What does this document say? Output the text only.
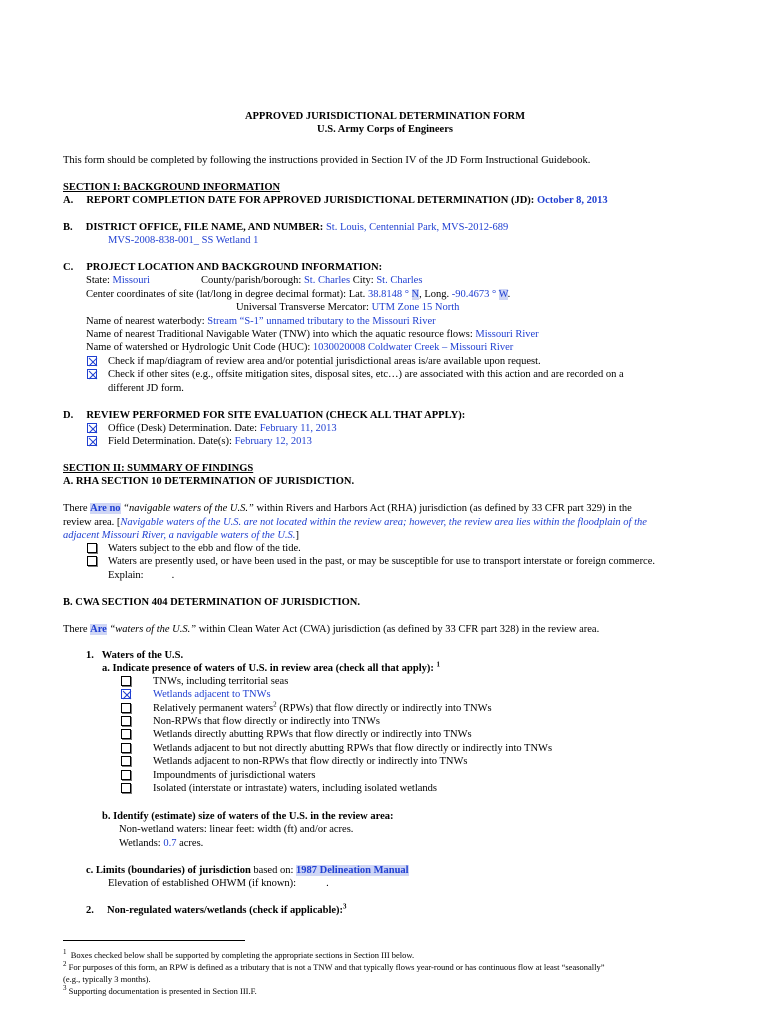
APPROVED JURISDICTIONAL DETERMINATION FORM
U.S. Army Corps of Engineers
This form should be completed by following the instructions provided in Section IV of the JD Form Instructional Guidebook.
SECTION I: BACKGROUND INFORMATION
A. REPORT COMPLETION DATE FOR APPROVED JURISDICTIONAL DETERMINATION (JD): October 8, 2013
B. DISTRICT OFFICE, FILE NAME, AND NUMBER: St. Louis, Centennial Park, MVS-2012-689
MVS-2008-838-001_ SS Wetland 1
C. PROJECT LOCATION AND BACKGROUND INFORMATION:
State: Missouri	County/parish/borough: St. Charles City: St. Charles
Center coordinates of site (lat/long in degree decimal format): Lat. 38.8148 ° N, Long. -90.4673 ° W.
Universal Transverse Mercator: UTM Zone 15 North
Name of nearest waterbody: Stream “S-1” unnamed tributary to the Missouri River
Name of nearest Traditional Navigable Water (TNW) into which the aquatic resource flows: Missouri River
Name of watershed or Hydrologic Unit Code (HUC): 1030020008 Coldwater Creek – Missouri River
Check if map/diagram of review area and/or potential jurisdictional areas is/are available upon request.
Check if other sites (e.g., offsite mitigation sites, disposal sites, etc…) are associated with this action and are recorded on a
different JD form.
D. REVIEW PERFORMED FOR SITE EVALUATION (CHECK ALL THAT APPLY):
Office (Desk) Determination. Date: February 11, 2013
Field Determination. Date(s): February 12, 2013
SECTION II: SUMMARY OF FINDINGS
A. RHA SECTION 10 DETERMINATION OF JURISDICTION.
There Are no “navigable waters of the U.S.” within Rivers and Harbors Act (RHA) jurisdiction (as defined by 33 CFR part 329) in the
review area. [Navigable waters of the U.S. are not located within the review area; however, the review area lies within the floodplain of the
adjacent Missouri River, a navigable waters of the U.S.]
Waters subject to the ebb and flow of the tide.
Waters are presently used, or have been used in the past, or may be susceptible for use to transport interstate or foreign commerce.
Explain:	.
B. CWA SECTION 404 DETERMINATION OF JURISDICTION.
There Are “waters of the U.S.” within Clean Water Act (CWA) jurisdiction (as defined by 33 CFR part 328) in the review area.
1. Waters of the U.S.
a. Indicate presence of waters of U.S. in review area (check all that apply): $^1$
TNWs, including territorial seas
Wetlands adjacent to TNWs
Relatively permanent waters$^2$ (RPWs) that flow directly or indirectly into TNWs
Non-RPWs that flow directly or indirectly into TNWs
Wetlands directly abutting RPWs that flow directly or indirectly into TNWs
Wetlands adjacent to but not directly abutting RPWs that flow directly or indirectly into TNWs
Wetlands adjacent to non-RPWs that flow directly or indirectly into TNWs
Impoundments of jurisdictional waters
Isolated (interstate or intrastate) waters, including isolated wetlands
b. Identify (estimate) size of waters of the U.S. in the review area:
Non-wetland waters: linear feet: width (ft) and/or acres.
Wetlands: 0.7 acres.
c. Limits (boundaries) of jurisdiction based on: 1987 Delineation Manual
Elevation of established OHWM (if known):	.
2. Non-regulated waters/wetlands (check if applicable):$^3$
$^1$ Boxes checked below shall be supported by completing the appropriate sections in Section III below.
$^2$ For purposes of this form, an RPW is defined as a tributary that is not a TNW and that typically flows year-round or has continuous flow at least “seasonally”
(e.g., typically 3 months).
$^3$ Supporting documentation is presented in Section III.F.
